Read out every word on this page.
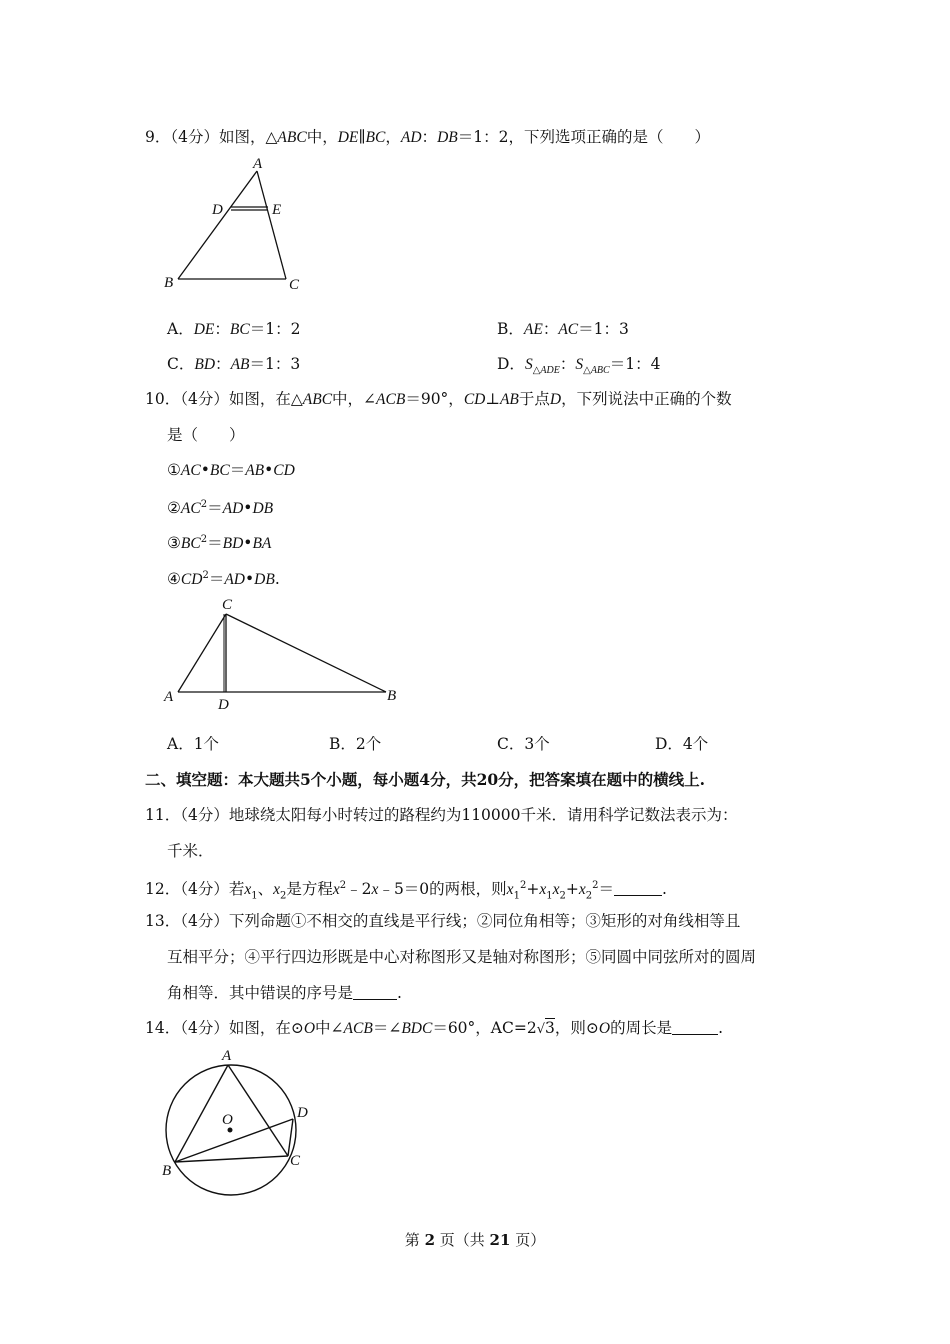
9．（4分）如图，△ABC中，DE∥BC，AD：DB＝1：2，下列选项正确的是（　　）
A
D	E
B	C
A．DE：BC＝1：2	B．AE：AC＝1：3
C．BD：AB＝1：3	D．$S_{\triangle ADE}$：$S_{\triangle ABC}=1$：4
10．（4分）如图，在△ABC中，∠ACB＝90°，CD⊥AB于点D，下列说法中正确的个数
是（　　）
①AC•BC＝AB•CD
$②AC^2=AD•DB$
$③BC^2=BD•BA$
$④CD^2=AD•DB$.
C
A	D
B
A．1个	B．2个	C．3个	D．4个
二、填空题：本大题共5个小题，每小题4分，共20分，把答案填在题中的横线上.
11．（4分）地球绕太阳每小时转过的路程约为110000千米．请用科学记数法表示为：
千米．
12．（4分）若$x_1$、$x_2$是方程$x^2﹣2x﹣5=0$的两根，则$x_1^2+x_1x_2+x_2^2=$	.
13．（4分）下列命题①不相交的直线是平行线；②同位角相等；③矩形的对角线相等且
互相平分；④平行四边形既是中心对称图形又是轴对称图形；⑤同圆中同弦所对的圆周
角相等．其中错误的序号是	.
14．（4分）如图，在⊙O中∠ACB＝∠BDC＝60°，AC=2√3，则⊙O的周长是	.
A
O	D
B
C
第 2 页（共 21 页）
